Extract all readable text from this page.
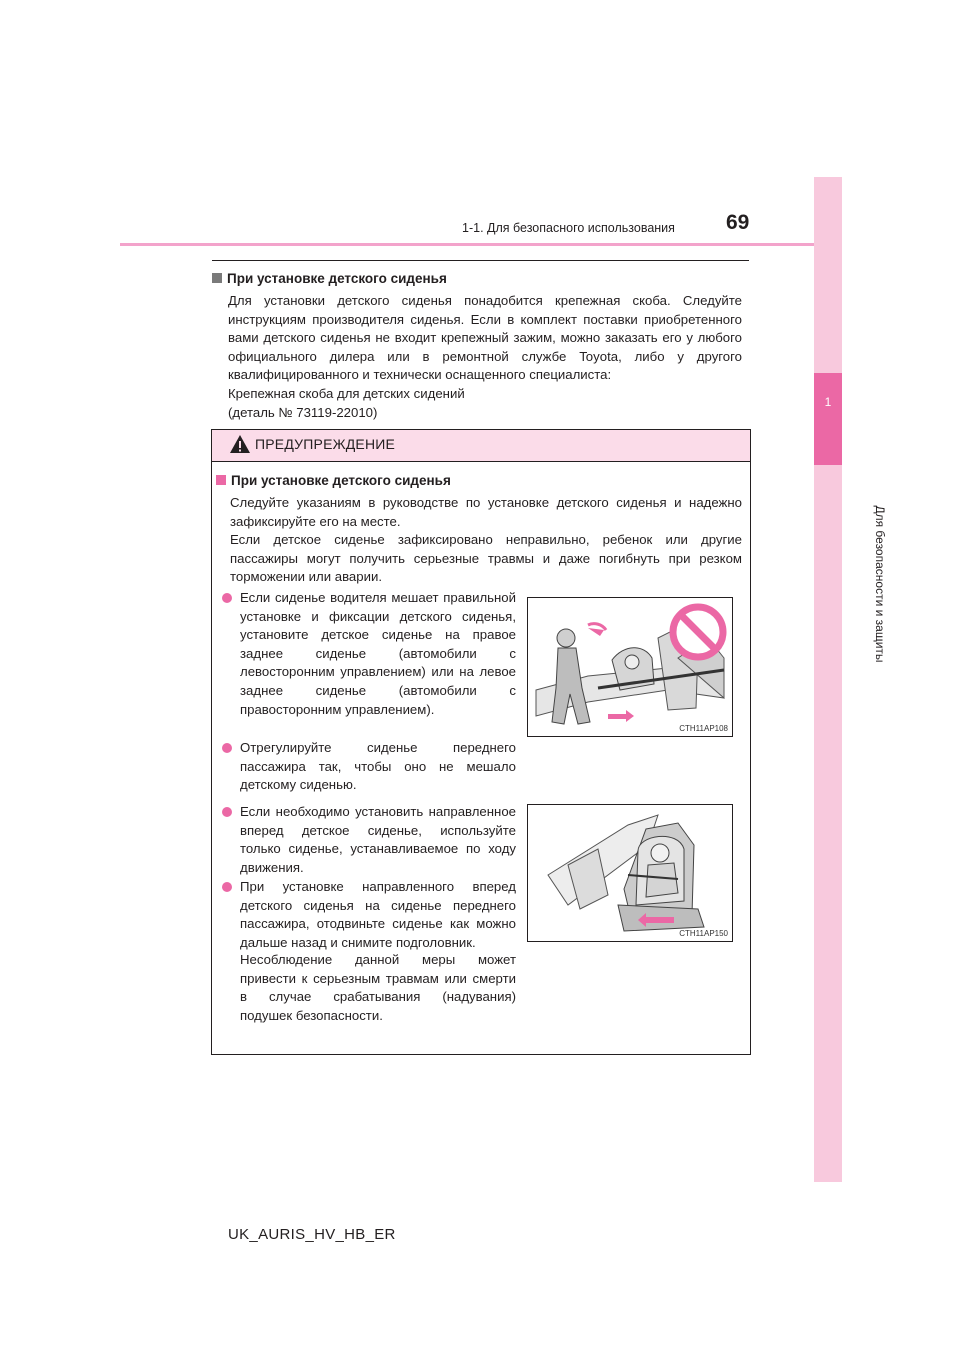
1-1. Для безопасного использования 69
1
Для безопасности и защиты
При установке детского сиденья
Для установки детского сиденья понадобится крепежная скоба. Следуйте инструкциям производителя сиденья. Если в комплект поставки приобретенного вами детского сиденья не входит крепежный зажим, можно заказать его у любого официального дилера или в ремонтной службе Toyota, либо у другого квалифицированного и технически оснащенного специалиста:
Крепежная скоба для детских сидений
(деталь № 73119-22010)
ПРЕДУПРЕЖДЕНИЕ
При установке детского сиденья
Следуйте указаниям в руководстве по установке детского сиденья и надежно зафиксируйте его на месте.
Если детское сиденье зафиксировано неправильно, ребенок или другие пассажиры могут получить серьезные травмы и даже погибнуть при резком торможении или аварии.
Если сиденье водителя мешает правильной установке и фиксации детского сиденья, установите детское сиденье на правое заднее сиденье (автомобили с левосторонним управлением) или на левое заднее сиденье (автомобили с правосторонним управлением).
Отрегулируйте сиденье переднего пассажира так, чтобы оно не мешало детскому сиденью.
CTH11AP108
Если необходимо установить направленное вперед детское сиденье, используйте только сиденье, устанавливаемое по ходу движения.
При установке направленного вперед детского сиденья на сиденье переднего пассажира, отодвиньте сиденье как можно дальше назад и снимите подголовник.
Несоблюдение данной меры может привести к серьезным травмам или смерти в случае срабатывания (надувания) подушек безопасности.
CTH11AP150
UK_AURIS_HV_HB_ER
